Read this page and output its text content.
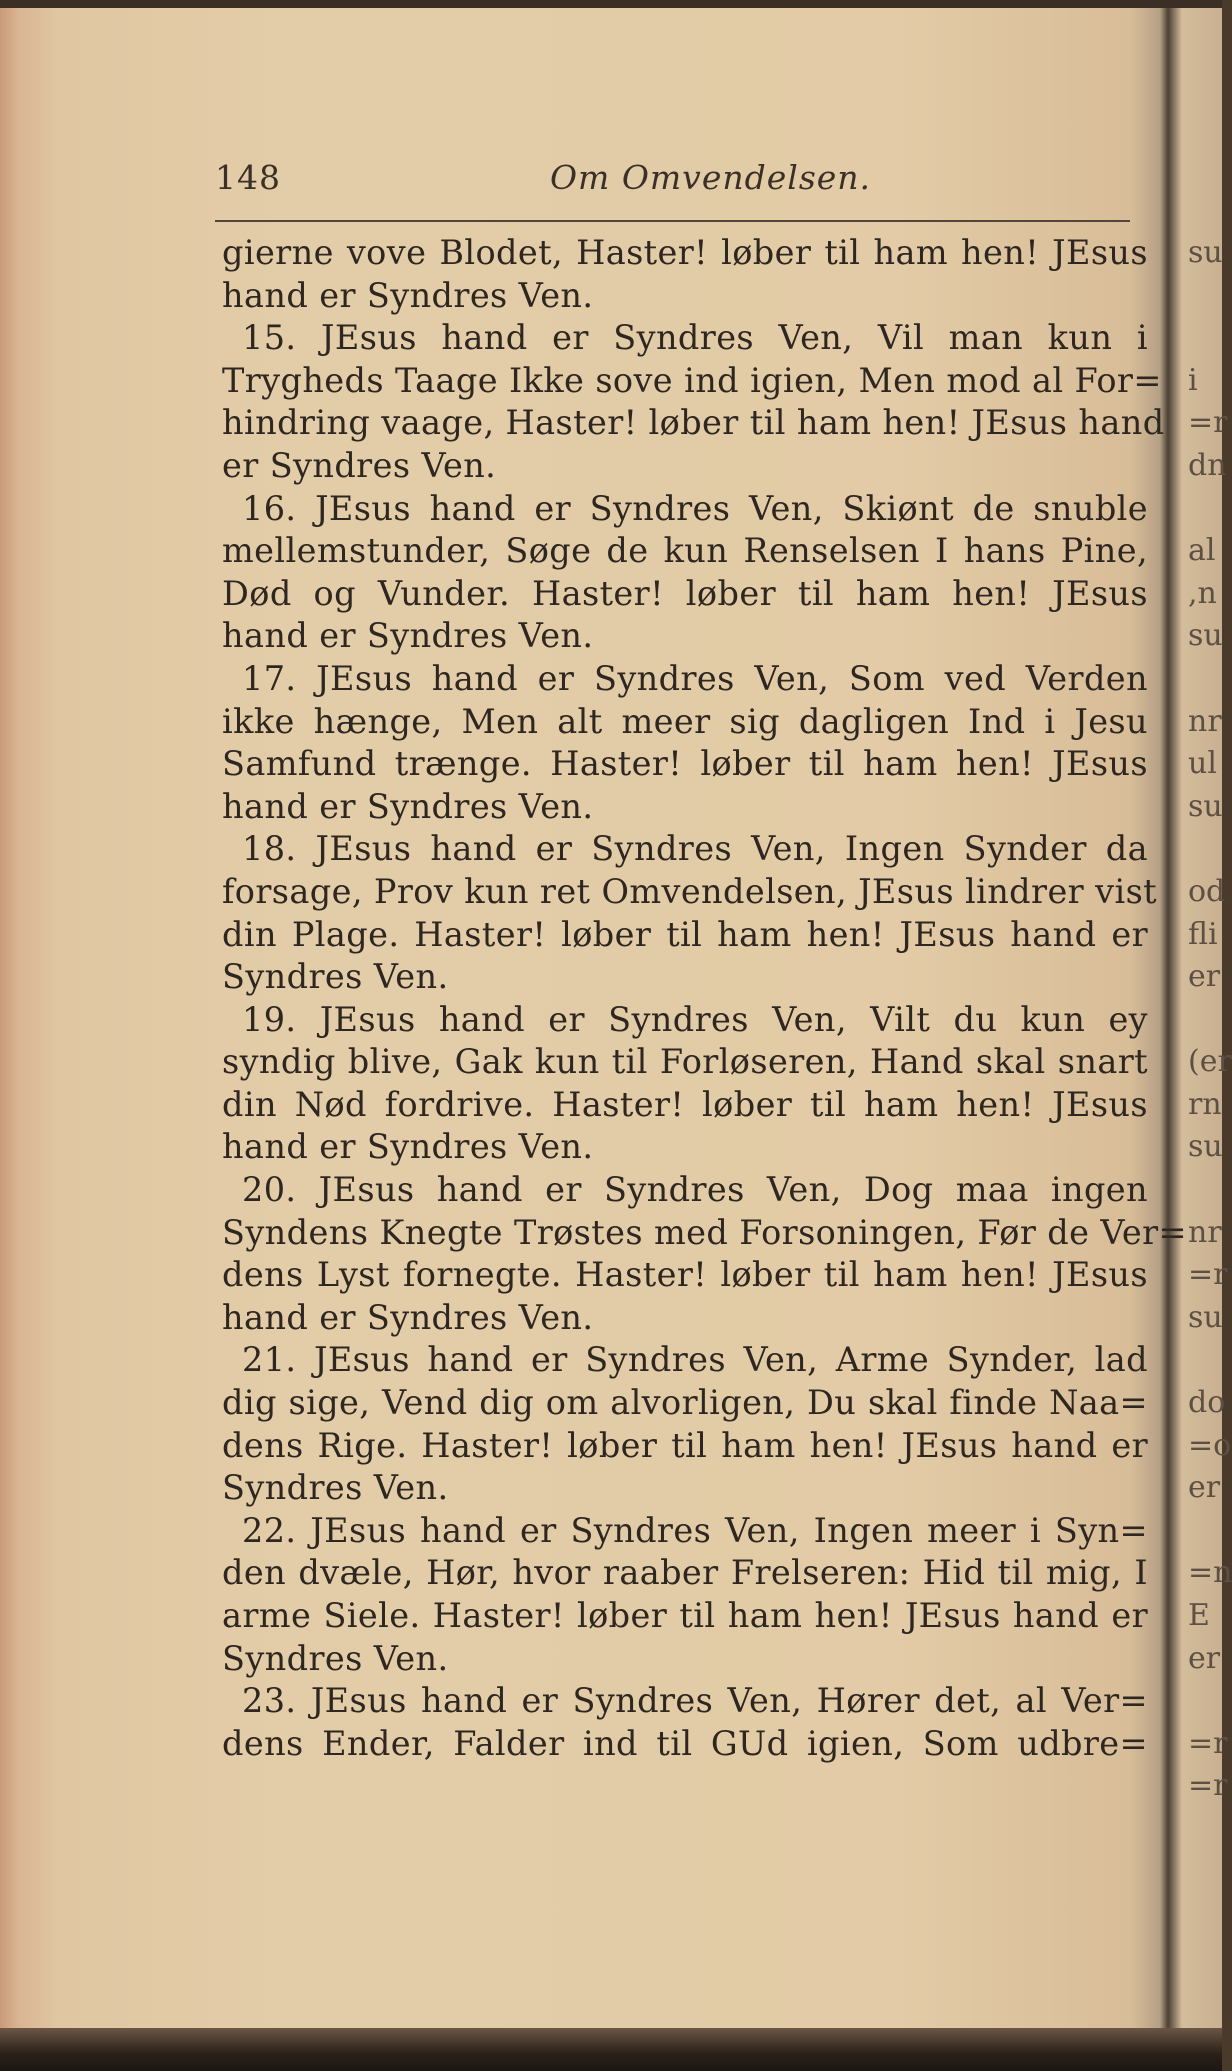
148	Om Omvendelsen.
gierne vove Blodet, Haster! løber til ham hen! JEsus
hand er Syndres Ven.
15. JEsus hand er Syndres Ven, Vil man kun i
Tryghеds Taage Ikke sove ind igien, Men mod al For=
hindring vaage, Haster! løber til ham hen! JEsus hand
er Syndres Ven.
16. JEsus hand er Syndres Ven, Skiønt de snuble
mellemstunder, Søge de kun Renselsen I hans Pine,
Død og Vunder. Haster! løber til ham hen! JEsus
hand er Syndres Ven.
17. JEsus hand er Syndres Ven, Som ved Verden
ikke hænge, Men alt meer sig dagligen Ind i Jesu
Samfund trænge. Haster! løber til ham hen! JEsus
hand er Syndres Ven.
18. JEsus hand er Syndres Ven, Ingen Synder da
forsage, Prov kun ret Omvendelsen, JEsus lindrer vist
din Plage. Haster! løber til ham hen! JEsus hand er
Syndres Ven.
19. JEsus hand er Syndres Ven, Vilt du kun ey
syndig blive, Gak kun til Forløseren, Hand skal snart
din Nød fordrive. Haster! løber til ham hen! JEsus
hand er Syndres Ven.
20. JEsus hand er Syndres Ven, Dog maa ingen
Syndens Knegte Trøstes med Forsoningen, Før de Ver=
dens Lyst fornegte. Haster! løber til ham hen! JEsus
hand er Syndres Ven.
21. JEsus hand er Syndres Ven, Arme Synder, lad
dig sige, Vend dig om alvorligen, Du skal finde Naa=
dens Rige. Haster! løber til ham hen! JEsus hand er
Syndres Ven.
22. JEsus hand er Syndres Ven, Ingen meer i Syn=
den dvæle, Hør, hvor raaber Frelseren: Hid til mig, I
arme Siele. Haster! løber til ham hen! JEsus hand er
Syndres Ven.
23. JEsus hand er Syndres Ven, Hører det, al Ver=
dens Ender, Falder ind til GUd igien, Som udbre=
su
i
=r
dn
al
,n
su
nr
ul
su
od
fli
er
(er
rn
su
nr
=r
su
do
=o
er
=n
E
er
=r
=r
